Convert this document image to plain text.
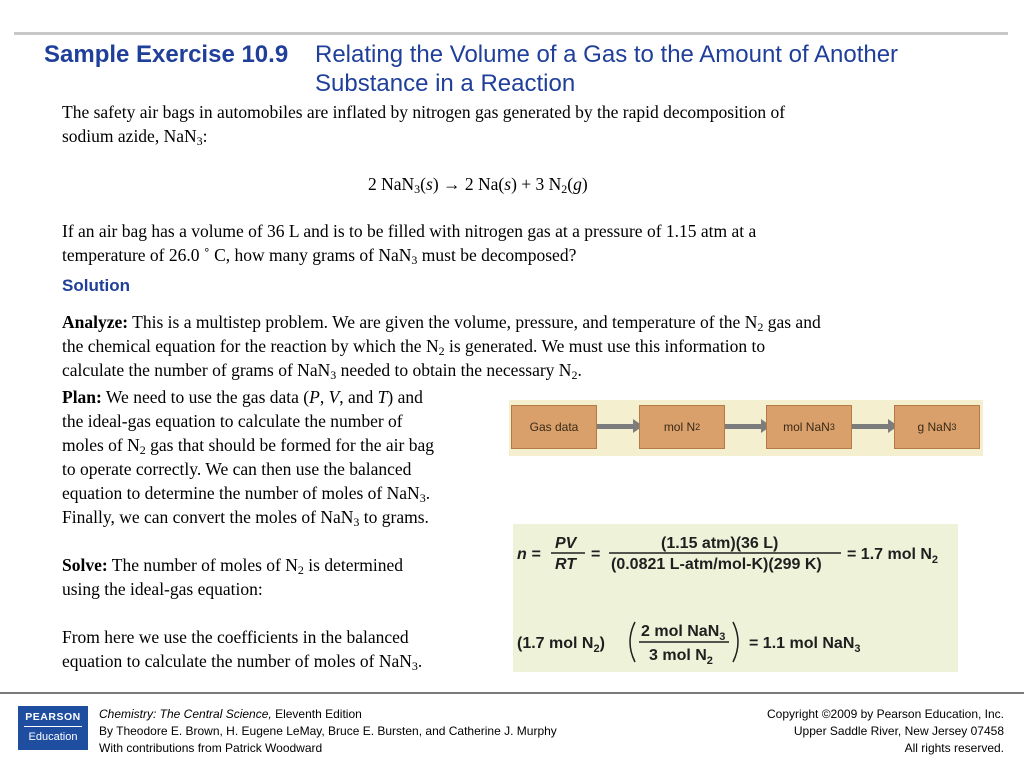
Sample Exercise 10.9 Relating the Volume of a Gas to the Amount of Another
Substance in a Reaction
The safety air bags in automobiles are inflated by nitrogen gas generated by the rapid decomposition of
sodium azide, NaN$_3$:
2 NaN$_3$(s) → 2 Na(s) + 3 $N_2(g)$
If an air bag has a volume of 36 L and is to be filled with nitrogen gas at a pressure of 1.15 atm at a
temperature of 26.0 ˚ C, how many grams of NaN$_3$ must be decomposed?
Solution
Analyze: This is a multistep problem. We are given the volume, pressure, and temperature of the $N_2$ gas and
the chemical equation for the reaction by which the $N_2$ is generated. We must use this information to
calculate the number of grams of NaN$_3$ needed to obtain the necessary $N_2$.
Plan: We need to use the gas data (P, V, and T) and
the ideal-gas equation to calculate the number of
moles of $N_2$ gas that should be formed for the air bag
to operate correctly. We can then use the balanced
equation to determine the number of moles of NaN$_3$.
Finally, we can convert the moles of NaN$_3$ to grams.
Solve: The number of moles of $N_2$ is determined
using the ideal-gas equation:
From here we use the coefficients in the balanced
equation to calculate the number of moles of NaN$_3$.
Gas data	mol N 2	mol NaN 3	g NaN 3
n =
PV
RT
=
(1.15 atm)(36 L)
(0.0821 L-atm/mol-K)(299 K)
= 1.7 mol $N_2$
(1.7 mol $N_2$)
2 mol NaN$_3$
3 mol $N_2$
= 1.1 mol NaN$_3$
PEARSON
Education
Chemistry: The Central Science, Eleventh Edition
By Theodore E. Brown, H. Eugene LeMay, Bruce E. Bursten, and Catherine J. Murphy
With contributions from Patrick Woodward
Copyright ©2009 by Pearson Education, Inc.
Upper Saddle River, New Jersey 07458
All rights reserved.
